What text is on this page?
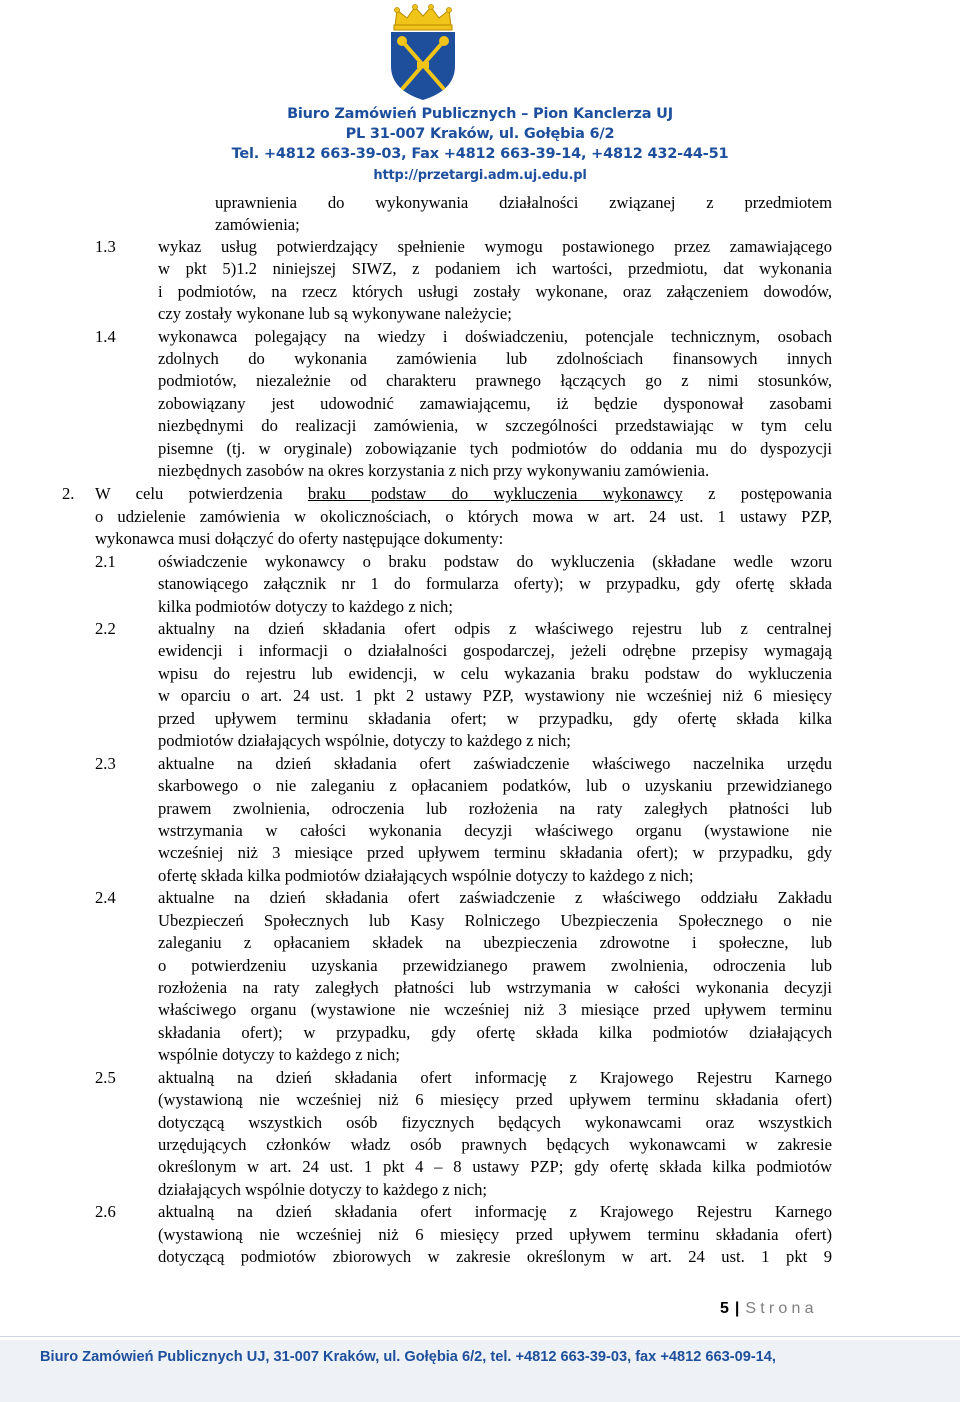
Biuro Zamówień Publicznych – Pion Kanclerza UJ
PL 31-007 Kraków, ul. Gołębia 6/2
Tel. +4812 663-39-03, Fax +4812 663-39-14, +4812 432-44-51
http://przetargi.adm.uj.edu.pl
uprawnienia do wykonywania działalności związanej z przedmiotem
zamówienia;
1.3	wykaz usług potwierdzający spełnienie wymogu postawionego przez zamawiającego
w pkt 5)1.2 niniejszej SIWZ, z podaniem ich wartości, przedmiotu, dat wykonania
i podmiotów, na rzecz których usługi zostały wykonane, oraz załączeniem dowodów,
czy zostały wykonane lub są wykonywane należycie;
1.4	wykonawca polegający na wiedzy i doświadczeniu, potencjale technicznym, osobach
zdolnych do wykonania zamówienia lub zdolnościach finansowych innych
podmiotów, niezależnie od charakteru prawnego łączących go z nimi stosunków,
zobowiązany jest udowodnić zamawiającemu, iż będzie dysponował zasobami
niezbędnymi do realizacji zamówienia, w szczególności przedstawiając w tym celu
pisemne (tj. w oryginale) zobowiązanie tych podmiotów do oddania mu do dyspozycji
niezbędnych zasobów na okres korzystania z nich przy wykonywaniu zamówienia.
2. W celu potwierdzenia braku podstaw do wykluczenia wykonawcy z postępowania
o udzielenie zamówienia w okolicznościach, o których mowa w art. 24 ust. 1 ustawy PZP,
wykonawca musi dołączyć do oferty następujące dokumenty:
2.1	oświadczenie wykonawcy o braku podstaw do wykluczenia (składane wedle wzoru
stanowiącego załącznik nr 1 do formularza oferty); w przypadku, gdy ofertę składa
kilka podmiotów dotyczy to każdego z nich;
2.2	aktualny na dzień składania ofert odpis z właściwego rejestru lub z centralnej
ewidencji i informacji o działalności gospodarczej, jeżeli odrębne przepisy wymagają
wpisu do rejestru lub ewidencji, w celu wykazania braku podstaw do wykluczenia
w oparciu o art. 24 ust. 1 pkt 2 ustawy PZP, wystawiony nie wcześniej niż 6 miesięcy
przed upływem terminu składania ofert; w przypadku, gdy ofertę składa kilka
podmiotów działających wspólnie, dotyczy to każdego z nich;
2.3	aktualne na dzień składania ofert zaświadczenie właściwego naczelnika urzędu
skarbowego o nie zaleganiu z opłacaniem podatków, lub o uzyskaniu przewidzianego
prawem zwolnienia, odroczenia lub rozłożenia na raty zaległych płatności lub
wstrzymania w całości wykonania decyzji właściwego organu (wystawione nie
wcześniej niż 3 miesiące przed upływem terminu składania ofert); w przypadku, gdy
ofertę składa kilka podmiotów działających wspólnie dotyczy to każdego z nich;
2.4	aktualne na dzień składania ofert zaświadczenie z właściwego oddziału Zakładu
Ubezpieczeń Społecznych lub Kasy Rolniczego Ubezpieczenia Społecznego o nie
zaleganiu z opłacaniem składek na ubezpieczenia zdrowotne i społeczne, lub
o potwierdzeniu uzyskania przewidzianego prawem zwolnienia, odroczenia lub
rozłożenia na raty zaległych płatności lub wstrzymania w całości wykonania decyzji
właściwego organu (wystawione nie wcześniej niż 3 miesiące przed upływem terminu
składania ofert); w przypadku, gdy ofertę składa kilka podmiotów działających
wspólnie dotyczy to każdego z nich;
2.5	aktualną na dzień składania ofert informację z Krajowego Rejestru Karnego
(wystawioną nie wcześniej niż 6 miesięcy przed upływem terminu składania ofert)
dotyczącą wszystkich osób fizycznych będących wykonawcami oraz wszystkich
urzędujących członków władz osób prawnych będących wykonawcami w zakresie
określonym w art. 24 ust. 1 pkt 4 – 8 ustawy PZP; gdy ofertę składa kilka podmiotów
działających wspólnie dotyczy to każdego z nich;
2.6	aktualną na dzień składania ofert informację z Krajowego Rejestru Karnego
(wystawioną nie wcześniej niż 6 miesięcy przed upływem terminu składania ofert)
dotyczącą podmiotów zbiorowych w zakresie określonym w art. 24 ust. 1 pkt 9
5 | Strona
Biuro Zamówień Publicznych UJ, 31-007 Kraków, ul. Gołębia 6/2, tel. +4812 663-39-03, fax +4812 663-09-14,
